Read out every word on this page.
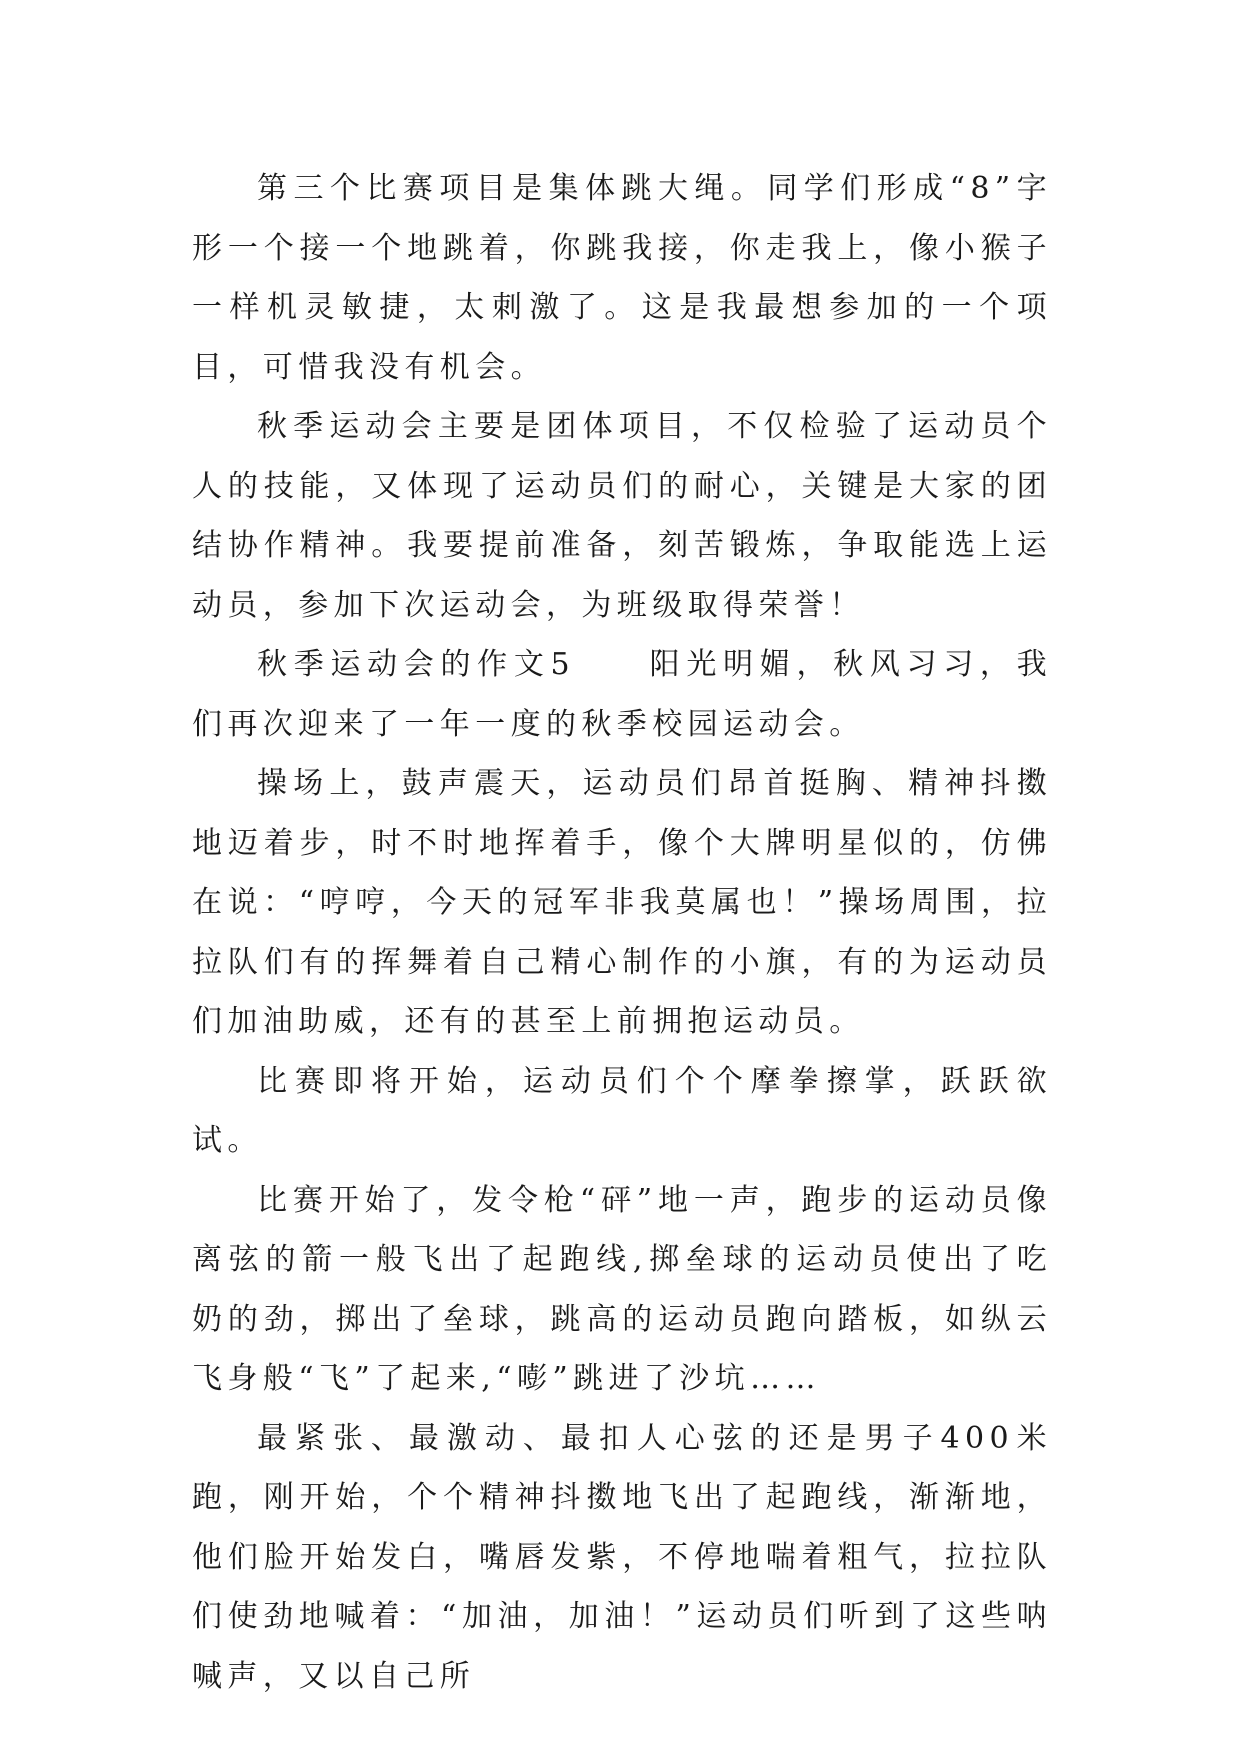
第三个比赛项目是集体跳大绳。同学们形成“8”字形一个接一个地跳着，你跳我接，你走我上，像小猴子一样机灵敏捷，太刺激了。这是我最想参加的一个项目，可惜我没有机会。

秋季运动会主要是团体项目，不仅检验了运动员个人的技能，又体现了运动员们的耐心，关键是大家的团结协作精神。我要提前准备，刻苦锻炼，争取能选上运动员，参加下次运动会，为班级取得荣誉！

秋季运动会的作文5　　阳光明媚，秋风习习，我们再次迎来了一年一度的秋季校园运动会。

操场上，鼓声震天，运动员们昂首挺胸、精神抖擞地迈着步，时不时地挥着手，像个大牌明星似的，仿佛在说：“哼哼，今天的冠军非我莫属也！”操场周围，拉拉队们有的挥舞着自己精心制作的小旗，有的为运动员们加油助威，还有的甚至上前拥抱运动员。

比赛即将开始，运动员们个个摩拳擦掌，跃跃欲试。

比赛开始了，发令枪“砰”地一声，跑步的运动员像离弦的箭一般飞出了起跑线,掷垒球的运动员使出了吃奶的劲，掷出了垒球，跳高的运动员跑向踏板，如纵云飞身般“飞”了起来,“嘭”跳进了沙坑……

最紧张、最激动、最扣人心弦的还是男子400米跑，刚开始，个个精神抖擞地飞出了起跑线，渐渐地，他们脸开始发白，嘴唇发紫，不停地喘着粗气，拉拉队们使劲地喊着：“加油，加油！”运动员们听到了这些呐喊声，又以自己所
